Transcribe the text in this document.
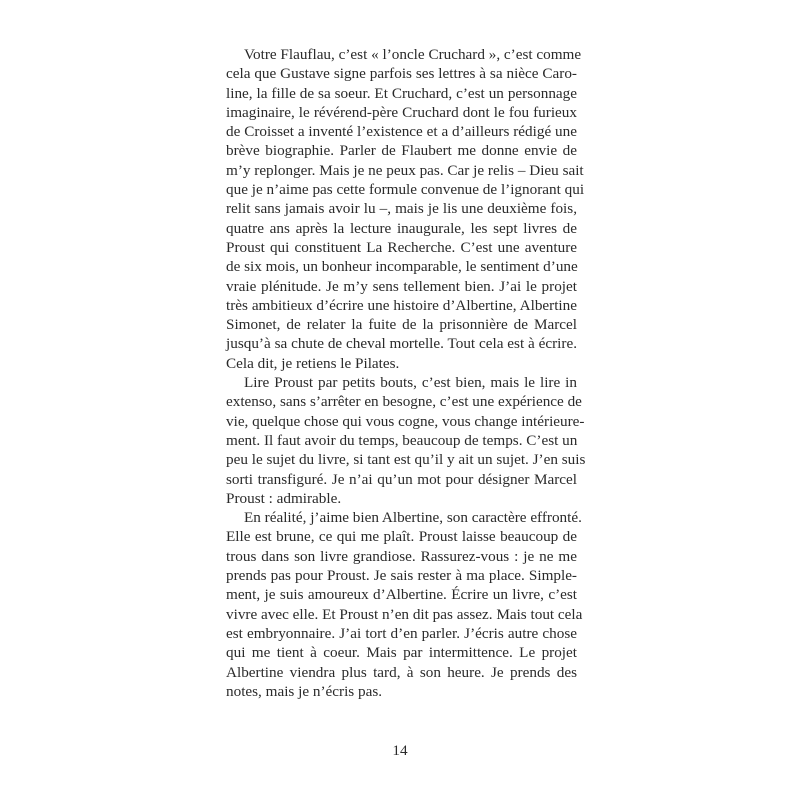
Votre Flauflau, c’est « l’oncle Cruchard », c’est comme
cela que Gustave signe parfois ses lettres à sa nièce Caro-
line, la fille de sa soeur. Et Cruchard, c’est un personnage
imaginaire, le révérend-père Cruchard dont le fou furieux
de Croisset a inventé l’existence et a d’ailleurs rédigé une
brève biographie. Parler de Flaubert me donne envie de
m’y replonger. Mais je ne peux pas. Car je relis – Dieu sait
que je n’aime pas cette formule convenue de l’ignorant qui
relit sans jamais avoir lu –, mais je lis une deuxième fois,
quatre ans après la lecture inaugurale, les sept livres de
Proust qui constituent La Recherche. C’est une aventure
de six mois, un bonheur incomparable, le sentiment d’une
vraie plénitude. Je m’y sens tellement bien. J’ai le projet
très ambitieux d’écrire une histoire d’Albertine, Albertine
Simonet, de relater la fuite de la prisonnière de Marcel
jusqu’à sa chute de cheval mortelle. Tout cela est à écrire.
Cela dit, je retiens le Pilates.
Lire Proust par petits bouts, c’est bien, mais le lire in
extenso, sans s’arrêter en besogne, c’est une expérience de
vie, quelque chose qui vous cogne, vous change intérieure-
ment. Il faut avoir du temps, beaucoup de temps. C’est un
peu le sujet du livre, si tant est qu’il y ait un sujet. J’en suis
sorti transfiguré. Je n’ai qu’un mot pour désigner Marcel
Proust : admirable.
En réalité, j’aime bien Albertine, son caractère effronté.
Elle est brune, ce qui me plaît. Proust laisse beaucoup de
trous dans son livre grandiose. Rassurez-vous : je ne me
prends pas pour Proust. Je sais rester à ma place. Simple-
ment, je suis amoureux d’Albertine. Écrire un livre, c’est
vivre avec elle. Et Proust n’en dit pas assez. Mais tout cela
est embryonnaire. J’ai tort d’en parler. J’écris autre chose
qui me tient à coeur. Mais par intermittence. Le projet
Albertine viendra plus tard, à son heure. Je prends des
notes, mais je n’écris pas.
14
